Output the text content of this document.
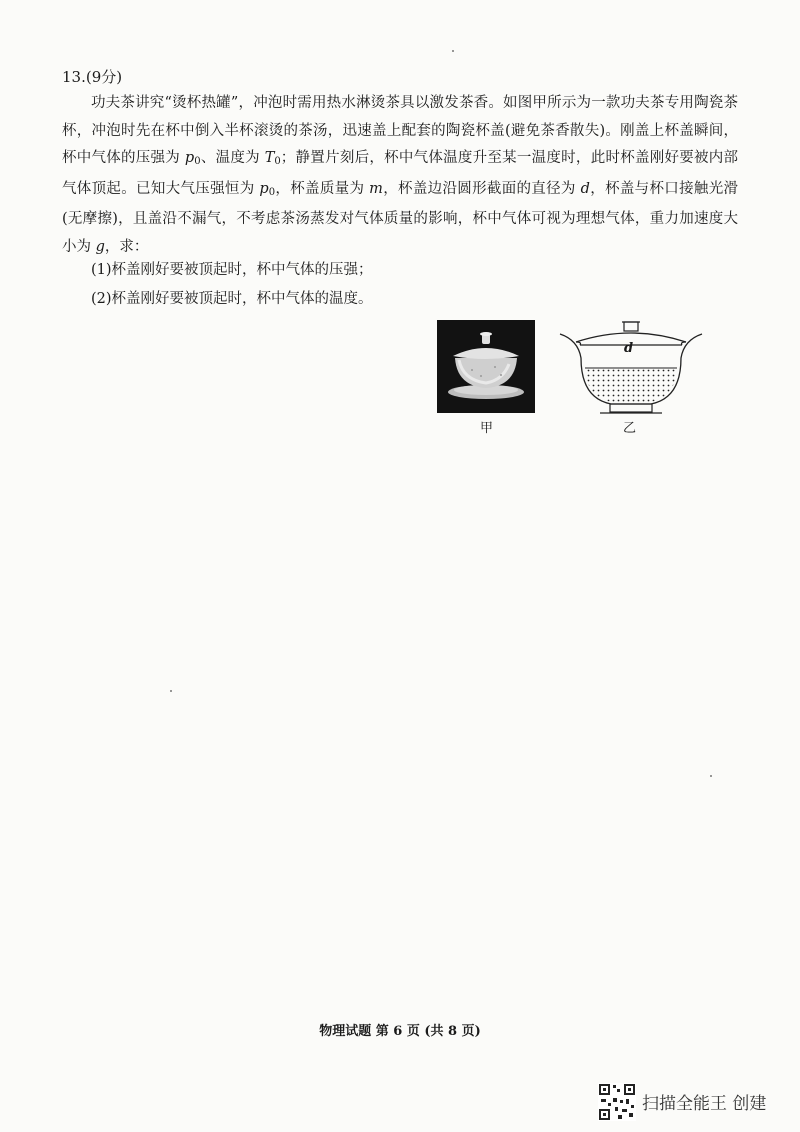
13.(9分)
功夫茶讲究“烫杯热罐”，冲泡时需用热水淋烫茶具以激发茶香。如图甲所示为一款功夫茶专用陶瓷茶杯，冲泡时先在杯中倒入半杯滚烫的茶汤，迅速盖上配套的陶瓷杯盖(避免茶香散失)。刚盖上杯盖瞬间，杯中气体的压强为 $p_0$、温度为 $T_0$；静置片刻后，杯中气体温度升至某一温度时，此时杯盖刚好要被内部气体顶起。已知大气压强恒为 $p_0$，杯盖质量为 m，杯盖边沿圆形截面的直径为 d，杯盖与杯口接触光滑(无摩擦)，且盖沿不漏气，不考虑茶汤蒸发对气体质量的影响，杯中气体可视为理想气体，重力加速度大小为 g，求：
(1)杯盖刚好要被顶起时，杯中气体的压强；
(2)杯盖刚好要被顶起时，杯中气体的温度。
甲
d
乙
物理试题 第 6 页 (共 8 页)
扫描全能王 创建
